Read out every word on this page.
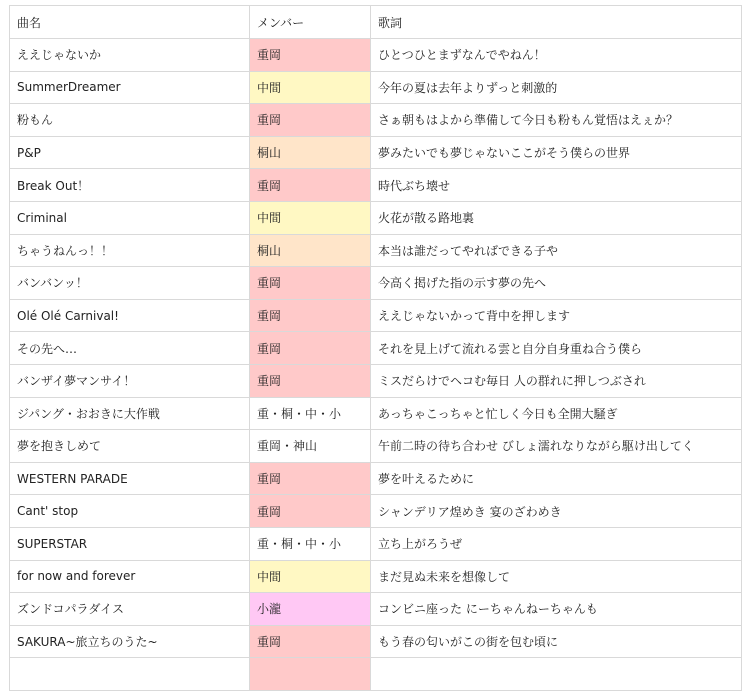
曲名	メンバー	歌詞
ええじゃないか	重岡	ひとつひとまずなんでやねん！
SummerDreamer	中間	今年の夏は去年よりずっと刺激的
粉もん	重岡	さぁ朝もはよから準備して今日も粉もん覚悟はえぇか？
P&P	桐山	夢みたいでも夢じゃないここがそう僕らの世界
Break Out！	重岡	時代ぶち壊せ
Criminal	中間	火花が散る路地裏
ちゃうねんっ！！	桐山	本当は誰だってやればできる子や
バンバンッ！	重岡	今高く掲げた指の示す夢の先へ
Olé Olé Carnival!	重岡	ええじゃないかって背中を押します
その先へ…	重岡	それを見上げて流れる雲と自分自身重ね合う僕ら
バンザイ夢マンサイ！	重岡	ミスだらけでヘコむ毎日 人の群れに押しつぶされ
ジパング・おおきに大作戦	重・桐・中・小	あっちゃこっちゃと忙しく今日も全開大騒ぎ
夢を抱きしめて	重岡・神山	午前二時の待ち合わせ びしょ濡れなりながら駆け出してく
WESTERN PARADE	重岡	夢を叶えるために
Cant' stop	重岡	シャンデリア煌めき 宴のざわめき
SUPERSTAR	重・桐・中・小	立ち上がろうぜ
for now and forever	中間	まだ見ぬ未来を想像して
ズンドコパラダイス	小瀧	コンビニ座った にーちゃんねーちゃんも
SAKURA~旅立ちのうた~	重岡	もう春の匂いがこの街を包む頃に
